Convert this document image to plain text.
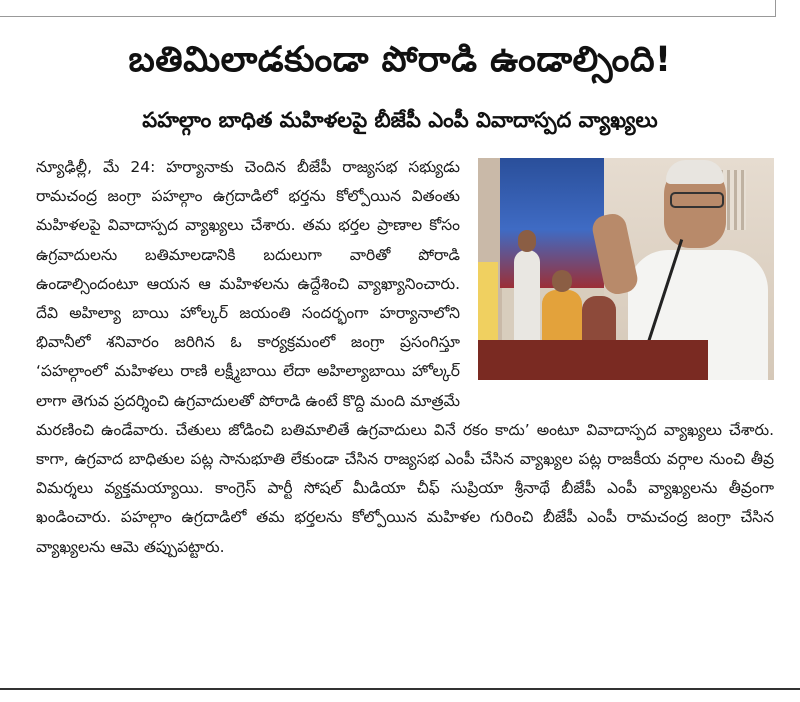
బతిమిలాడకుండా పోరాడి ఉండాల్సింది!
పహల్గాం బాధిత మహిళలపై బీజేపీ ఎంపీ వివాదాస్పద వ్యాఖ్యలు
న్యూఢిల్లీ, మే 24: హర్యానాకు చెందిన బీజేపీ రాజ్యసభ సభ్యుడు రామచంద్ర జంగ్రా పహల్గాం ఉగ్రదాడిలో భర్తను కోల్పోయిన వితంతు మహిళలపై వివాదాస్పద వ్యాఖ్యలు చేశారు. తమ భర్తల ప్రాణాల కోసం ఉగ్రవాదులను బతిమాలడానికి బదులుగా వారితో పోరాడి ఉండాల్సిందంటూ ఆయన ఆ మహిళలను ఉద్దేశించి వ్యాఖ్యానించారు. దేవి అహిల్యా బాయి హోల్కర్ జయంతి సందర్భంగా హర్యానాలోని భివానీలో శనివారం జరిగిన ఓ కార్యక్రమంలో జంగ్రా ప్రసంగిస్తూ ‘పహల్గాంలో మహిళలు రాణి లక్ష్మీబాయి లేదా అహిల్యాబాయి హోల్కర్ లాగా తెగువ ప్రదర్శించి ఉగ్రవాదులతో పోరాడి ఉంటే కొద్ది మంది మాత్రమే మరణించి ఉండేవారు. చేతులు జోడించి బతిమాలితే ఉగ్రవాదులు వినే రకం కాదు’ అంటూ వివాదాస్పద వ్యాఖ్యలు చేశారు. కాగా, ఉగ్రవాద బాధితుల పట్ల సానుభూతి లేకుండా చేసిన రాజ్యసభ ఎంపీ చేసిన వ్యాఖ్యల పట్ల రాజకీయ వర్గాల నుంచి తీవ్ర విమర్శలు వ్యక్తమయ్యాయి. కాంగ్రెస్ పార్టీ సోషల్ మీడియా చీఫ్ సుప్రియా శ్రీనాథే బీజేపీ ఎంపీ వ్యాఖ్యలను తీవ్రంగా ఖండించారు. పహల్గాం ఉగ్రదాడిలో తమ భర్తలను కోల్పోయిన మహిళల గురించి బీజేపీ ఎంపీ రామచంద్ర జంగ్రా చేసిన వ్యాఖ్యలను ఆమె తప్పుపట్టారు.
